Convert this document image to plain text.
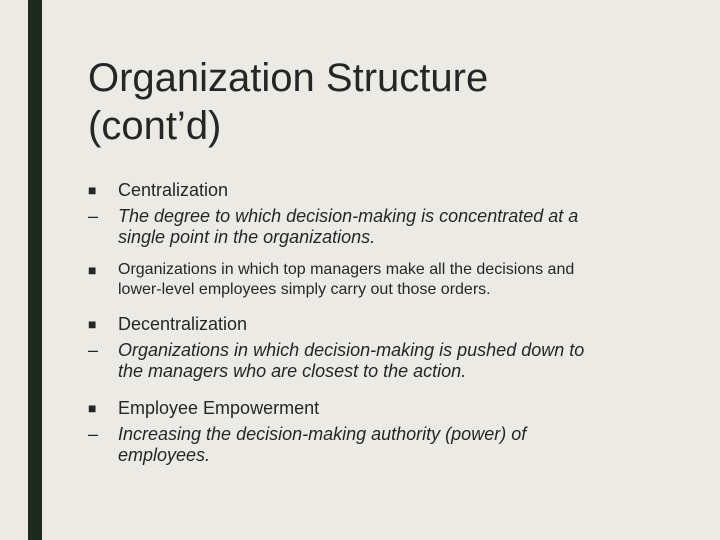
Organization Structure
(cont’d)
■ Centralization
– The degree to which decision-making is concentrated at a
single point in the organizations.
■ Organizations in which top managers make all the decisions and
lower-level employees simply carry out those orders.
■ Decentralization
– Organizations in which decision-making is pushed down to
the managers who are closest to the action.
■ Employee Empowerment
– Increasing the decision-making authority (power) of
employees.
